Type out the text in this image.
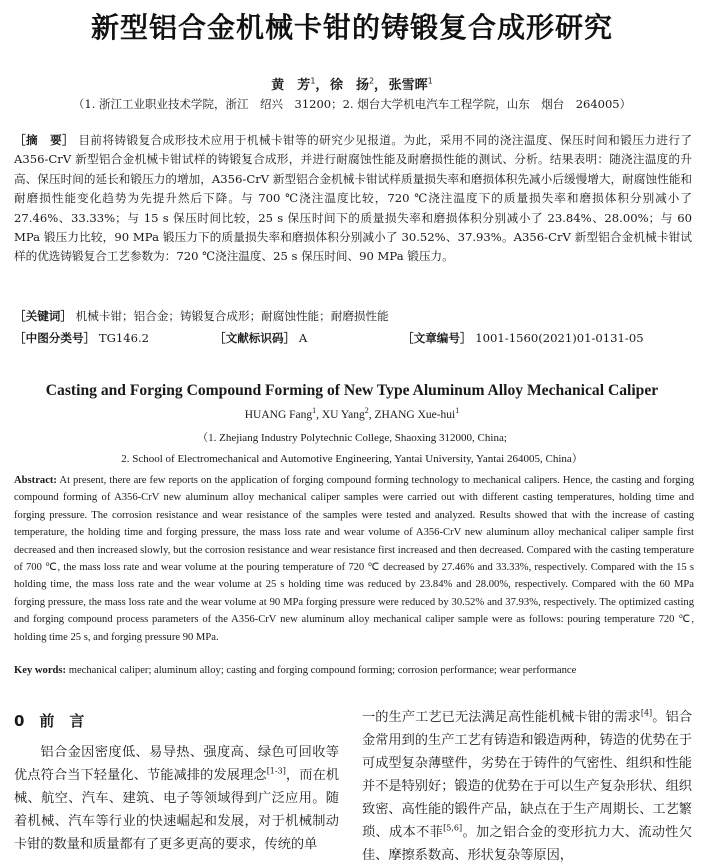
新型铝合金机械卡钳的铸锻复合成形研究
黄　芳$^1$， 徐　扬$^2$， 张雪晖$^1$
（1. 浙江工业职业技术学院，浙江　绍兴　31200；2. 烟台大学机电汽车工程学院，山东　烟台　264005）
［摘　要］ 目前将铸锻复合成形技术应用于机械卡钳等的研究少见报道。为此，采用不同的浇注温度、保压时间和锻压力进行了 A356-CrV 新型铝合金机械卡钳试样的铸锻复合成形，并进行耐腐蚀性能及耐磨损性能的测试、分析。结果表明：随浇注温度的升高、保压时间的延长和锻压力的增加，A356-CrV 新型铝合金机械卡钳试样质量损失率和磨损体积先减小后缓慢增大，耐腐蚀性能和耐磨损性能变化趋势为先提升然后下降。与 700 ℃浇注温度比较，720 ℃浇注温度下的质量损失率和磨损体积分别减小了 27.46%、33.33%；与 15 s 保压时间比较，25 s 保压时间下的质量损失率和磨损体积分别减小了 23.84%、28.00%；与 60 MPa 锻压力比较，90 MPa 锻压力下的质量损失率和磨损体积分别减小了 30.52%、37.93%。A356-CrV 新型铝合金机械卡钳试样的优选铸锻复合工艺参数为：720 ℃浇注温度、25 s 保压时间、90 MPa 锻压力。
［关键词］ 机械卡钳；铝合金；铸锻复合成形；耐腐蚀性能；耐磨损性能
［中图分类号］ TG146.2	［文献标识码］ A	［文章编号］ 1001-1560(2021)01-0131-05
Casting and Forging Compound Forming of New Type Aluminum Alloy Mechanical Caliper
HUANG Fang$^1$, XU Yang$^2$, ZHANG Xue-hui$^1$
（1. Zhejiang Industry Polytechnic College, Shaoxing 312000, China;
2. School of Electromechanical and Automotive Engineering, Yantai University, Yantai 264005, China）
Abstract: At present, there are few reports on the application of forging compound forming technology to mechanical calipers. Hence, the casting and forging compound forming of A356-CrV new aluminum alloy mechanical caliper samples were carried out with different casting temperatures, holding time and forging pressure. The corrosion resistance and wear resistance of the samples were tested and analyzed. Results showed that with the increase of casting temperature, the holding time and forging pressure, the mass loss rate and wear volume of A356-CrV new aluminum alloy mechanical caliper sample first decreased and then increased slowly, but the corrosion resistance and wear resistance first increased and then decreased. Compared with the casting temperature of 700 ℃, the mass loss rate and wear volume at the pouring temperature of 720 ℃ decreased by 27.46% and 33.33%, respectively. Compared with the 15 s holding time, the mass loss rate and the wear volume at 25 s holding time was reduced by 23.84% and 28.00%, respectively. Compared with the 60 MPa forging pressure, the mass loss rate and the wear volume at 90 MPa forging pressure were reduced by 30.52% and 37.93%, respectively. The optimized casting and forging compound process parameters of the A356-CrV new aluminum alloy mechanical caliper sample were as follows: pouring temperature 720 ℃, holding time 25 s, and forging pressure 90 MPa.
Key words: mechanical caliper; aluminum alloy; casting and forging compound forming; corrosion performance; wear performance
0　前　言
铝合金因密度低、易导热、强度高、绿色可回收等优点符合当下轻量化、节能减排的发展理念[1-3]，而在机械、航空、汽车、建筑、电子等领域得到广泛应用。随着机械、汽车等行业的快速崛起和发展，对于机械制动卡钳的数量和质量都有了更多更高的要求，传统的单
一的生产工艺已无法满足高性能机械卡钳的需求[4]。铝合金常用到的生产工艺有铸造和锻造两种，铸造的优势在于可成型复杂薄壁件，劣势在于铸件的气密性、组织和性能并不是特别好；锻造的优势在于可以生产复杂形状、组织致密、高性能的锻件产品，缺点在于生产周期长、工艺繁琐、成本不菲[5,6]。加之铝合金的变形抗力大、流动性欠佳、摩擦系数高、形状复杂等原因，
